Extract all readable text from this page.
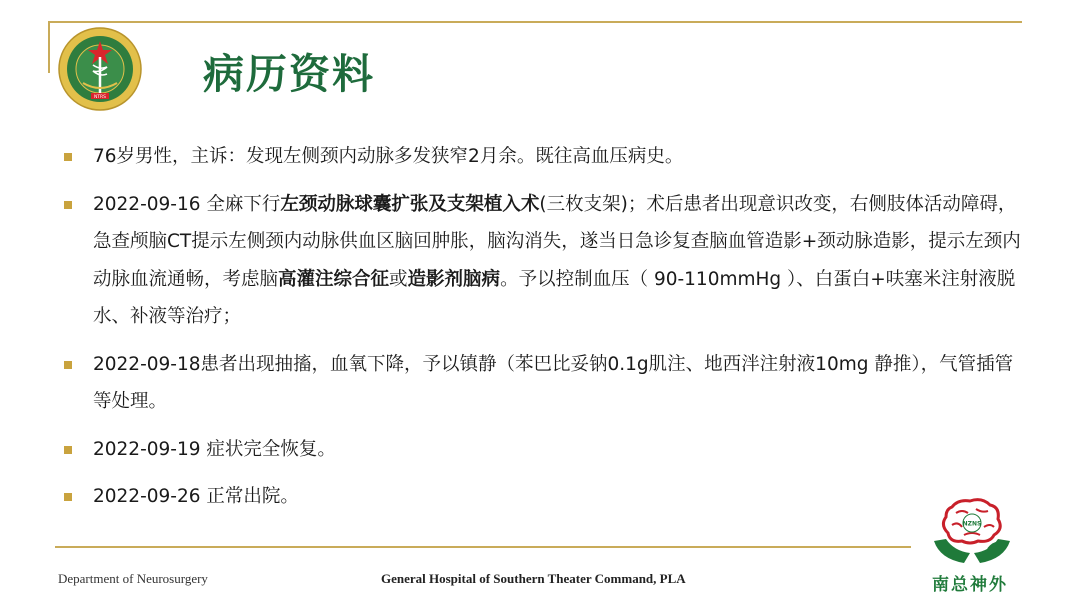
NTRS 病历资料
76岁男性，主诉：发现左侧颈内动脉多发狭窄2月余。既往高血压病史。
2022-09-16 全麻下行左颈动脉球囊扩张及支架植入术(三枚支架)；术后患者出现意识改变，右侧肢体活动障碍，急查颅脑CT提示左侧颈内动脉供血区脑回肿胀，脑沟消失，遂当日急诊复查脑血管造影+颈动脉造影，提示左颈内动脉血流通畅，考虑脑高灌注综合征或造影剂脑病。予以控制血压（ 90-110mmHg ）、白蛋白+呋塞米注射液脱水、补液等治疗；
2022-09-18患者出现抽搐，血氧下降，予以镇静（苯巴比妥钠0.1g肌注、地西泮注射液10mg 静推），气管插管等处理。
2022-09-19 症状完全恢复。
2022-09-26 正常出院。
Department of Neurosurgery	General Hospital of Southern Theater Command, PLA
NZNS
南总神外
